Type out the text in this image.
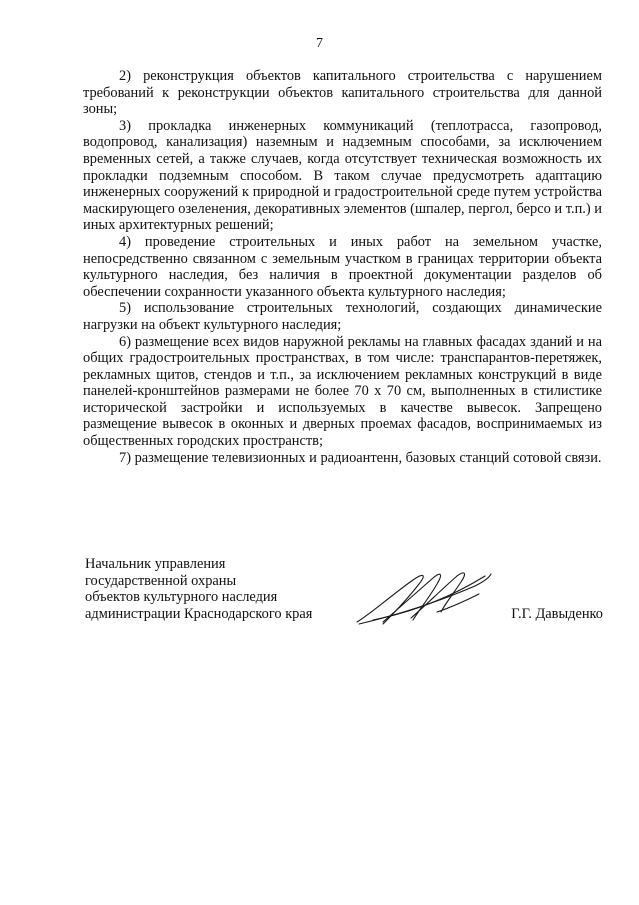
7

2) реконструкция объектов капитального строительства с нарушением требований к реконструкции объектов капитального строительства для данной зоны;

3) прокладка инженерных коммуникаций (теплотрасса, газопровод, водопровод, канализация) наземным и надземным способами, за исключением временных сетей, а также случаев, когда отсутствует техническая возможность их прокладки подземным способом. В таком случае предусмотреть адаптацию инженерных сооружений к природной и градостроительной среде путем устройства маскирующего озеленения, декоративных элементов (шпалер, пергол, берсо и т.п.) и иных архитектурных решений;

4) проведение строительных и иных работ на земельном участке, непосредственно связанном с земельным участком в границах территории объекта культурного наследия, без наличия в проектной документации разделов об обеспечении сохранности указанного объекта культурного наследия;

5) использование строительных технологий, создающих динамические нагрузки на объект культурного наследия;

6) размещение всех видов наружной рекламы на главных фасадах зданий и на общих градостроительных пространствах, в том числе: транспарантов-перетяжек, рекламных щитов, стендов и т.п., за исключением рекламных конструкций в виде панелей-кронштейнов размерами не более 70 х 70 см, выполненных в стилистике исторической застройки и используемых в качестве вывесок. Запрещено размещение вывесок в оконных и дверных проемах фасадов, воспринимаемых из общественных городских пространств;

7) размещение телевизионных и радиоантенн, базовых станций сотовой связи.

Начальник управления
государственной охраны
объектов культурного наследия
администрации Краснодарского края	Г.Г. Давыденко
